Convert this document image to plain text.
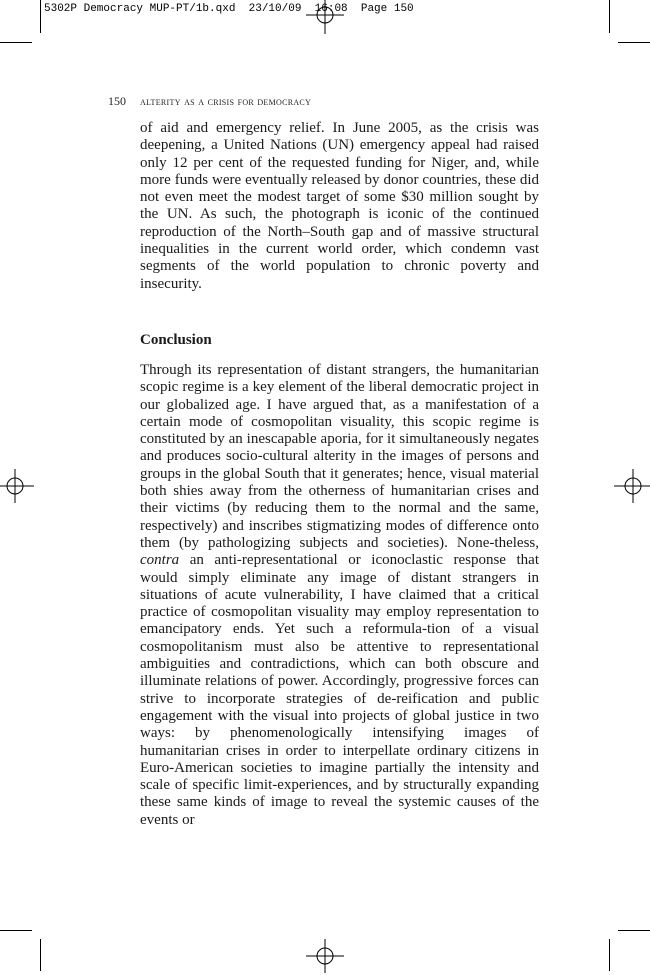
5302P Democracy MUP-PT/1b.qxd  23/10/09  16:08  Page 150
150 alterity as a crisis for democracy

of aid and emergency relief. In June 2005, as the crisis was deepening, a United Nations (UN) emergency appeal had raised only 12 per cent of the requested funding for Niger, and, while more funds were eventually released by donor countries, these did not even meet the modest target of some $30 million sought by the UN. As such, the photograph is iconic of the continued reproduction of the North–South gap and of massive structural inequalities in the current world order, which condemn vast segments of the world population to chronic poverty and insecurity.

Conclusion

Through its representation of distant strangers, the humanitarian scopic regime is a key element of the liberal democratic project in our globalized age. I have argued that, as a manifestation of a certain mode of cosmopolitan visuality, this scopic regime is constituted by an inescapable aporia, for it simultaneously negates and produces socio-cultural alterity in the images of persons and groups in the global South that it generates; hence, visual material both shies away from the otherness of humanitarian crises and their victims (by reducing them to the normal and the same, respectively) and inscribes stigmatizing modes of difference onto them (by pathologizing subjects and societies). None-theless, contra an anti-representational or iconoclastic response that would simply eliminate any image of distant strangers in situations of acute vulnerability, I have claimed that a critical practice of cosmopolitan visuality may employ representation to emancipatory ends. Yet such a reformula-tion of a visual cosmopolitanism must also be attentive to representational ambiguities and contradictions, which can both obscure and illuminate relations of power. Accordingly, progressive forces can strive to incorporate strategies of de-reification and public engagement with the visual into projects of global justice in two ways: by phenomenologically intensifying images of humanitarian crises in order to interpellate ordinary citizens in Euro-American societies to imagine partially the intensity and scale of specific limit-experiences, and by structurally expanding these same kinds of image to reveal the systemic causes of the events or
